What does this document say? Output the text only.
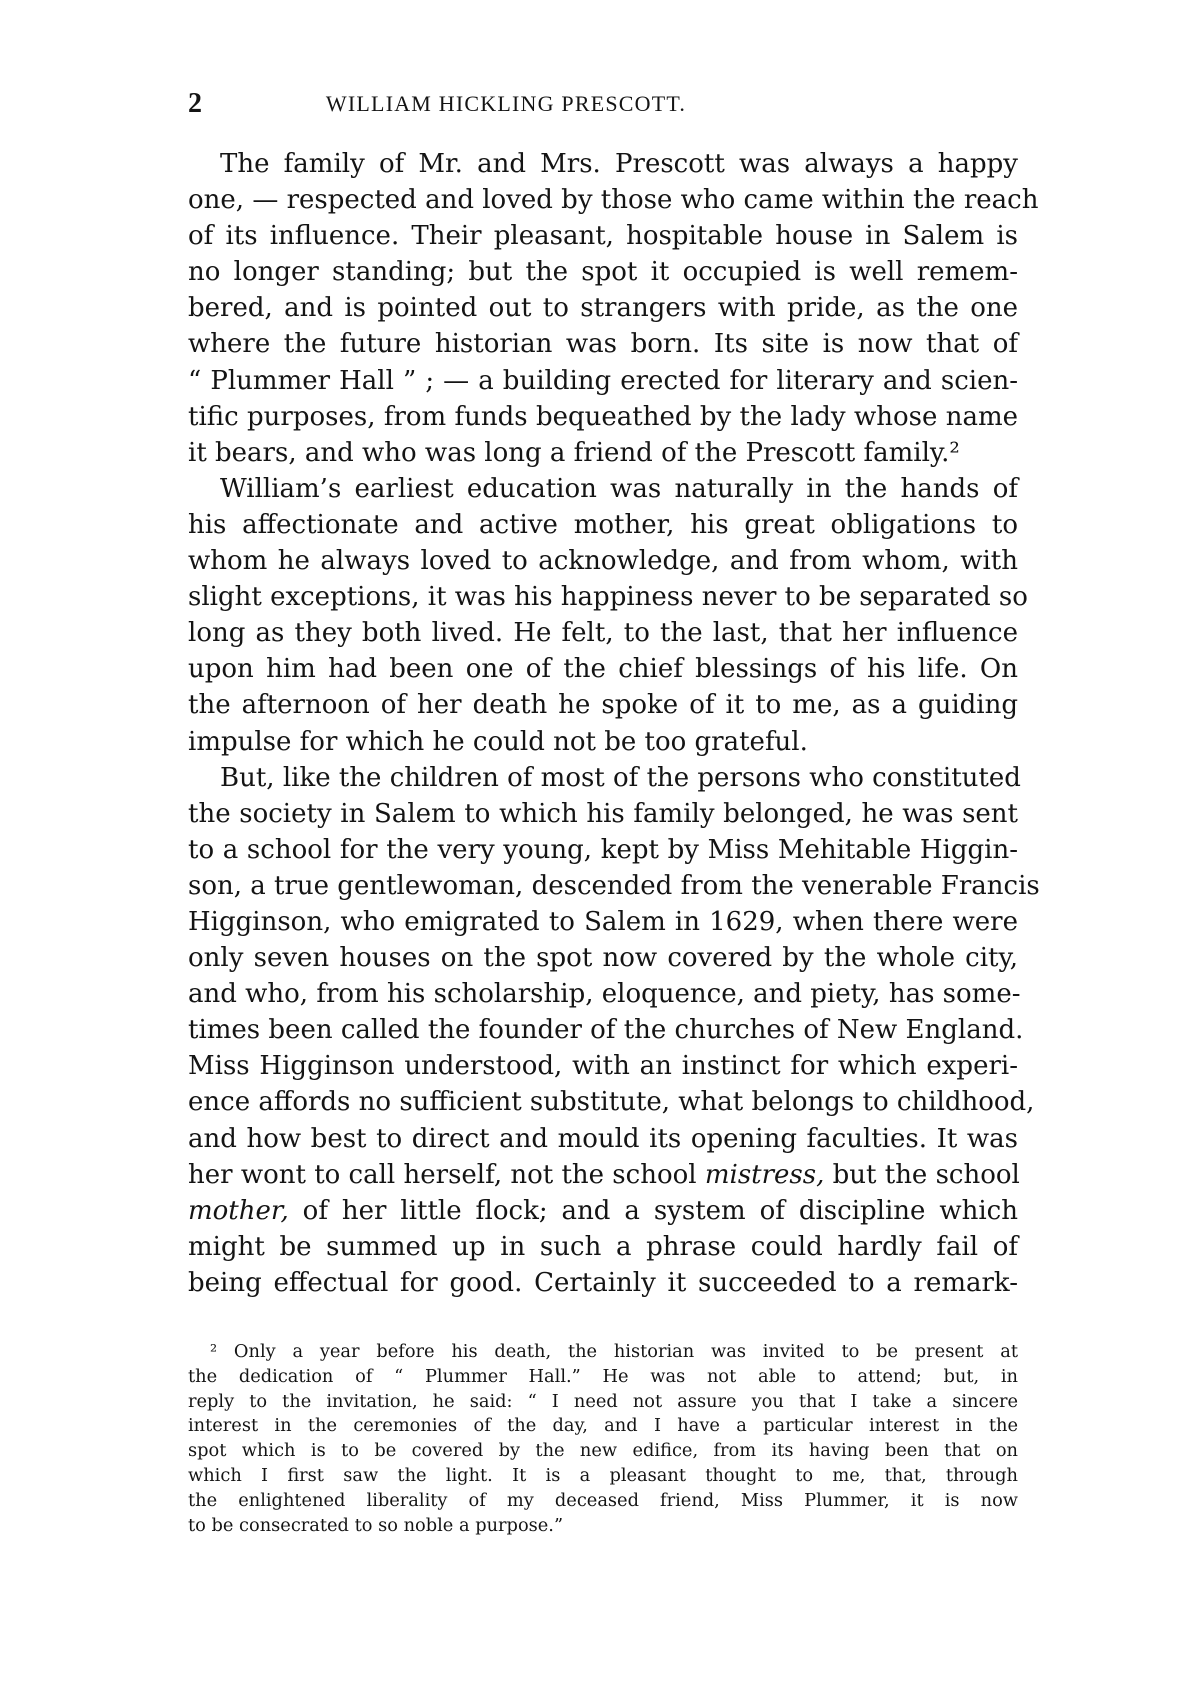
2	WILLIAM HICKLING PRESCOTT.
The family of Mr. and Mrs. Prescott was always a happy
one, — respected and loved by those who came within the reach
of its influence. Their pleasant, hospitable house in Salem is
no longer standing; but the spot it occupied is well remem-
bered, and is pointed out to strangers with pride, as the one
where the future historian was born. Its site is now that of
“ Plummer Hall ” ; — a building erected for literary and scien-
tific purposes, from funds bequeathed by the lady whose name
it bears, and who was long a friend of the Prescott family.²
William’s earliest education was naturally in the hands of
his affectionate and active mother, his great obligations to
whom he always loved to acknowledge, and from whom, with
slight exceptions, it was his happiness never to be separated so
long as they both lived. He felt, to the last, that her influence
upon him had been one of the chief blessings of his life. On
the afternoon of her death he spoke of it to me, as a guiding
impulse for which he could not be too grateful.
But, like the children of most of the persons who constituted
the society in Salem to which his family belonged, he was sent
to a school for the very young, kept by Miss Mehitable Higgin-
son, a true gentlewoman, descended from the venerable Francis
Higginson, who emigrated to Salem in 1629, when there were
only seven houses on the spot now covered by the whole city,
and who, from his scholarship, eloquence, and piety, has some-
times been called the founder of the churches of New England.
Miss Higginson understood, with an instinct for which experi-
ence affords no sufficient substitute, what belongs to childhood,
and how best to direct and mould its opening faculties. It was
her wont to call herself, not the school mistress, but the school
mother, of her little flock; and a system of discipline which
might be summed up in such a phrase could hardly fail of
being effectual for good. Certainly it succeeded to a remark-
² Only a year before his death, the historian was invited to be present at
the dedication of “ Plummer Hall.” He was not able to attend; but, in
reply to the invitation, he said: “ I need not assure you that I take a sincere
interest in the ceremonies of the day, and I have a particular interest in the
spot which is to be covered by the new edifice, from its having been that on
which I first saw the light. It is a pleasant thought to me, that, through
the enlightened liberality of my deceased friend, Miss Plummer, it is now
to be consecrated to so noble a purpose.”
